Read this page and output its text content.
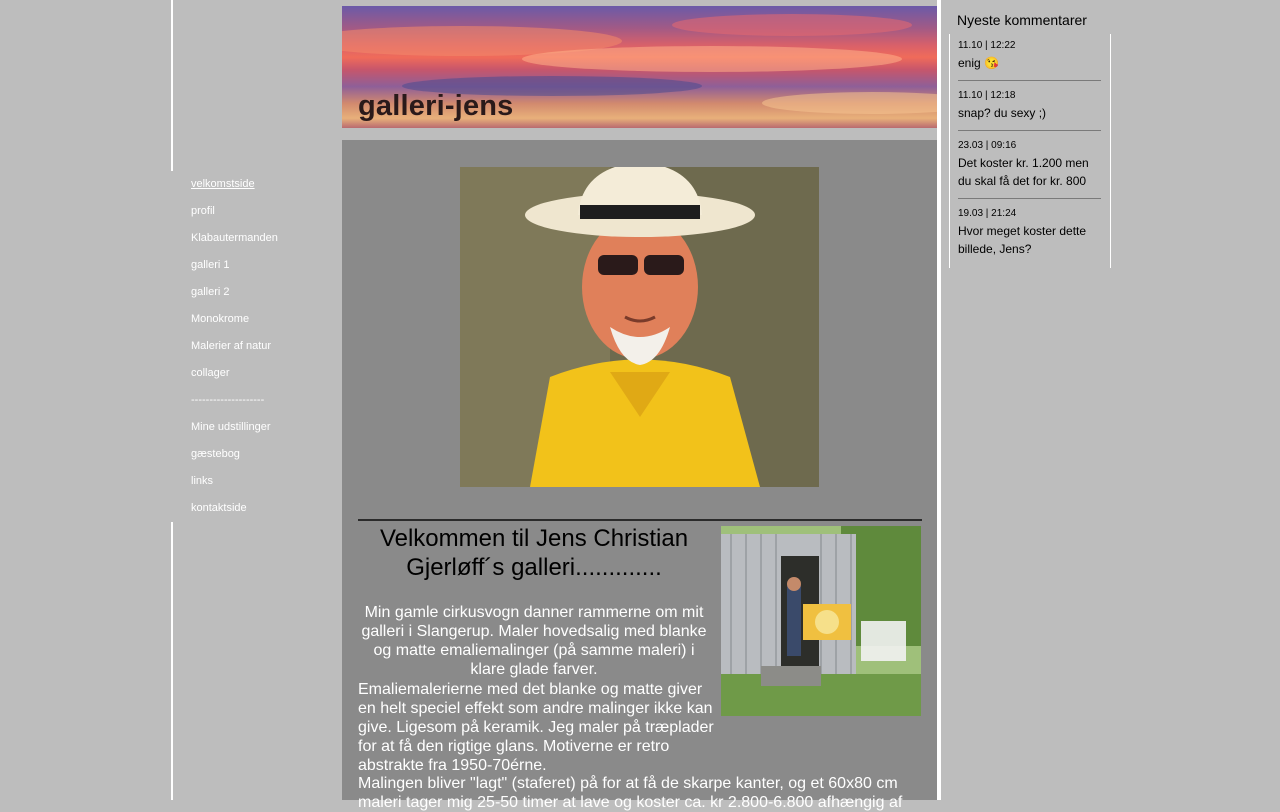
velkomstside
profil
Klabautermanden
galleri 1
galleri 2
Monokrome
Malerier af natur
collager
--------------------
Mine udstillinger
gæstebog
links
kontaktside
galleri-jens
Velkommen til Jens Christian Gjerløff´s galleri.............

Min gamle cirkusvogn danner rammerne om mit galleri i Slangerup. Maler hovedsalig med blanke og matte emaliemalinger (på samme maleri) i klare glade farver.

Emaliemalerierne med det blanke og matte giver en helt speciel effekt som andre malinger ikke kan give. Ligesom på keramik. Jeg maler på træplader for at få den rigtige glans. Motiverne er retro abstrakte fra 1950-70érne.

Malingen bliver "lagt" (staferet) på for at få de skarpe kanter, og et 60x80 cm maleri tager mig 25-50 timer at lave og koster ca. kr 2.800-6.800 afhængig af

Nyeste kommentarer
11.10 | 12:22
enig 😘
11.10 | 12:18
snap? du sexy ;)
23.03 | 09:16
Det koster kr. 1.200 men du skal få det for kr. 800
19.03 | 21:24
Hvor meget koster dette billede, Jens?
